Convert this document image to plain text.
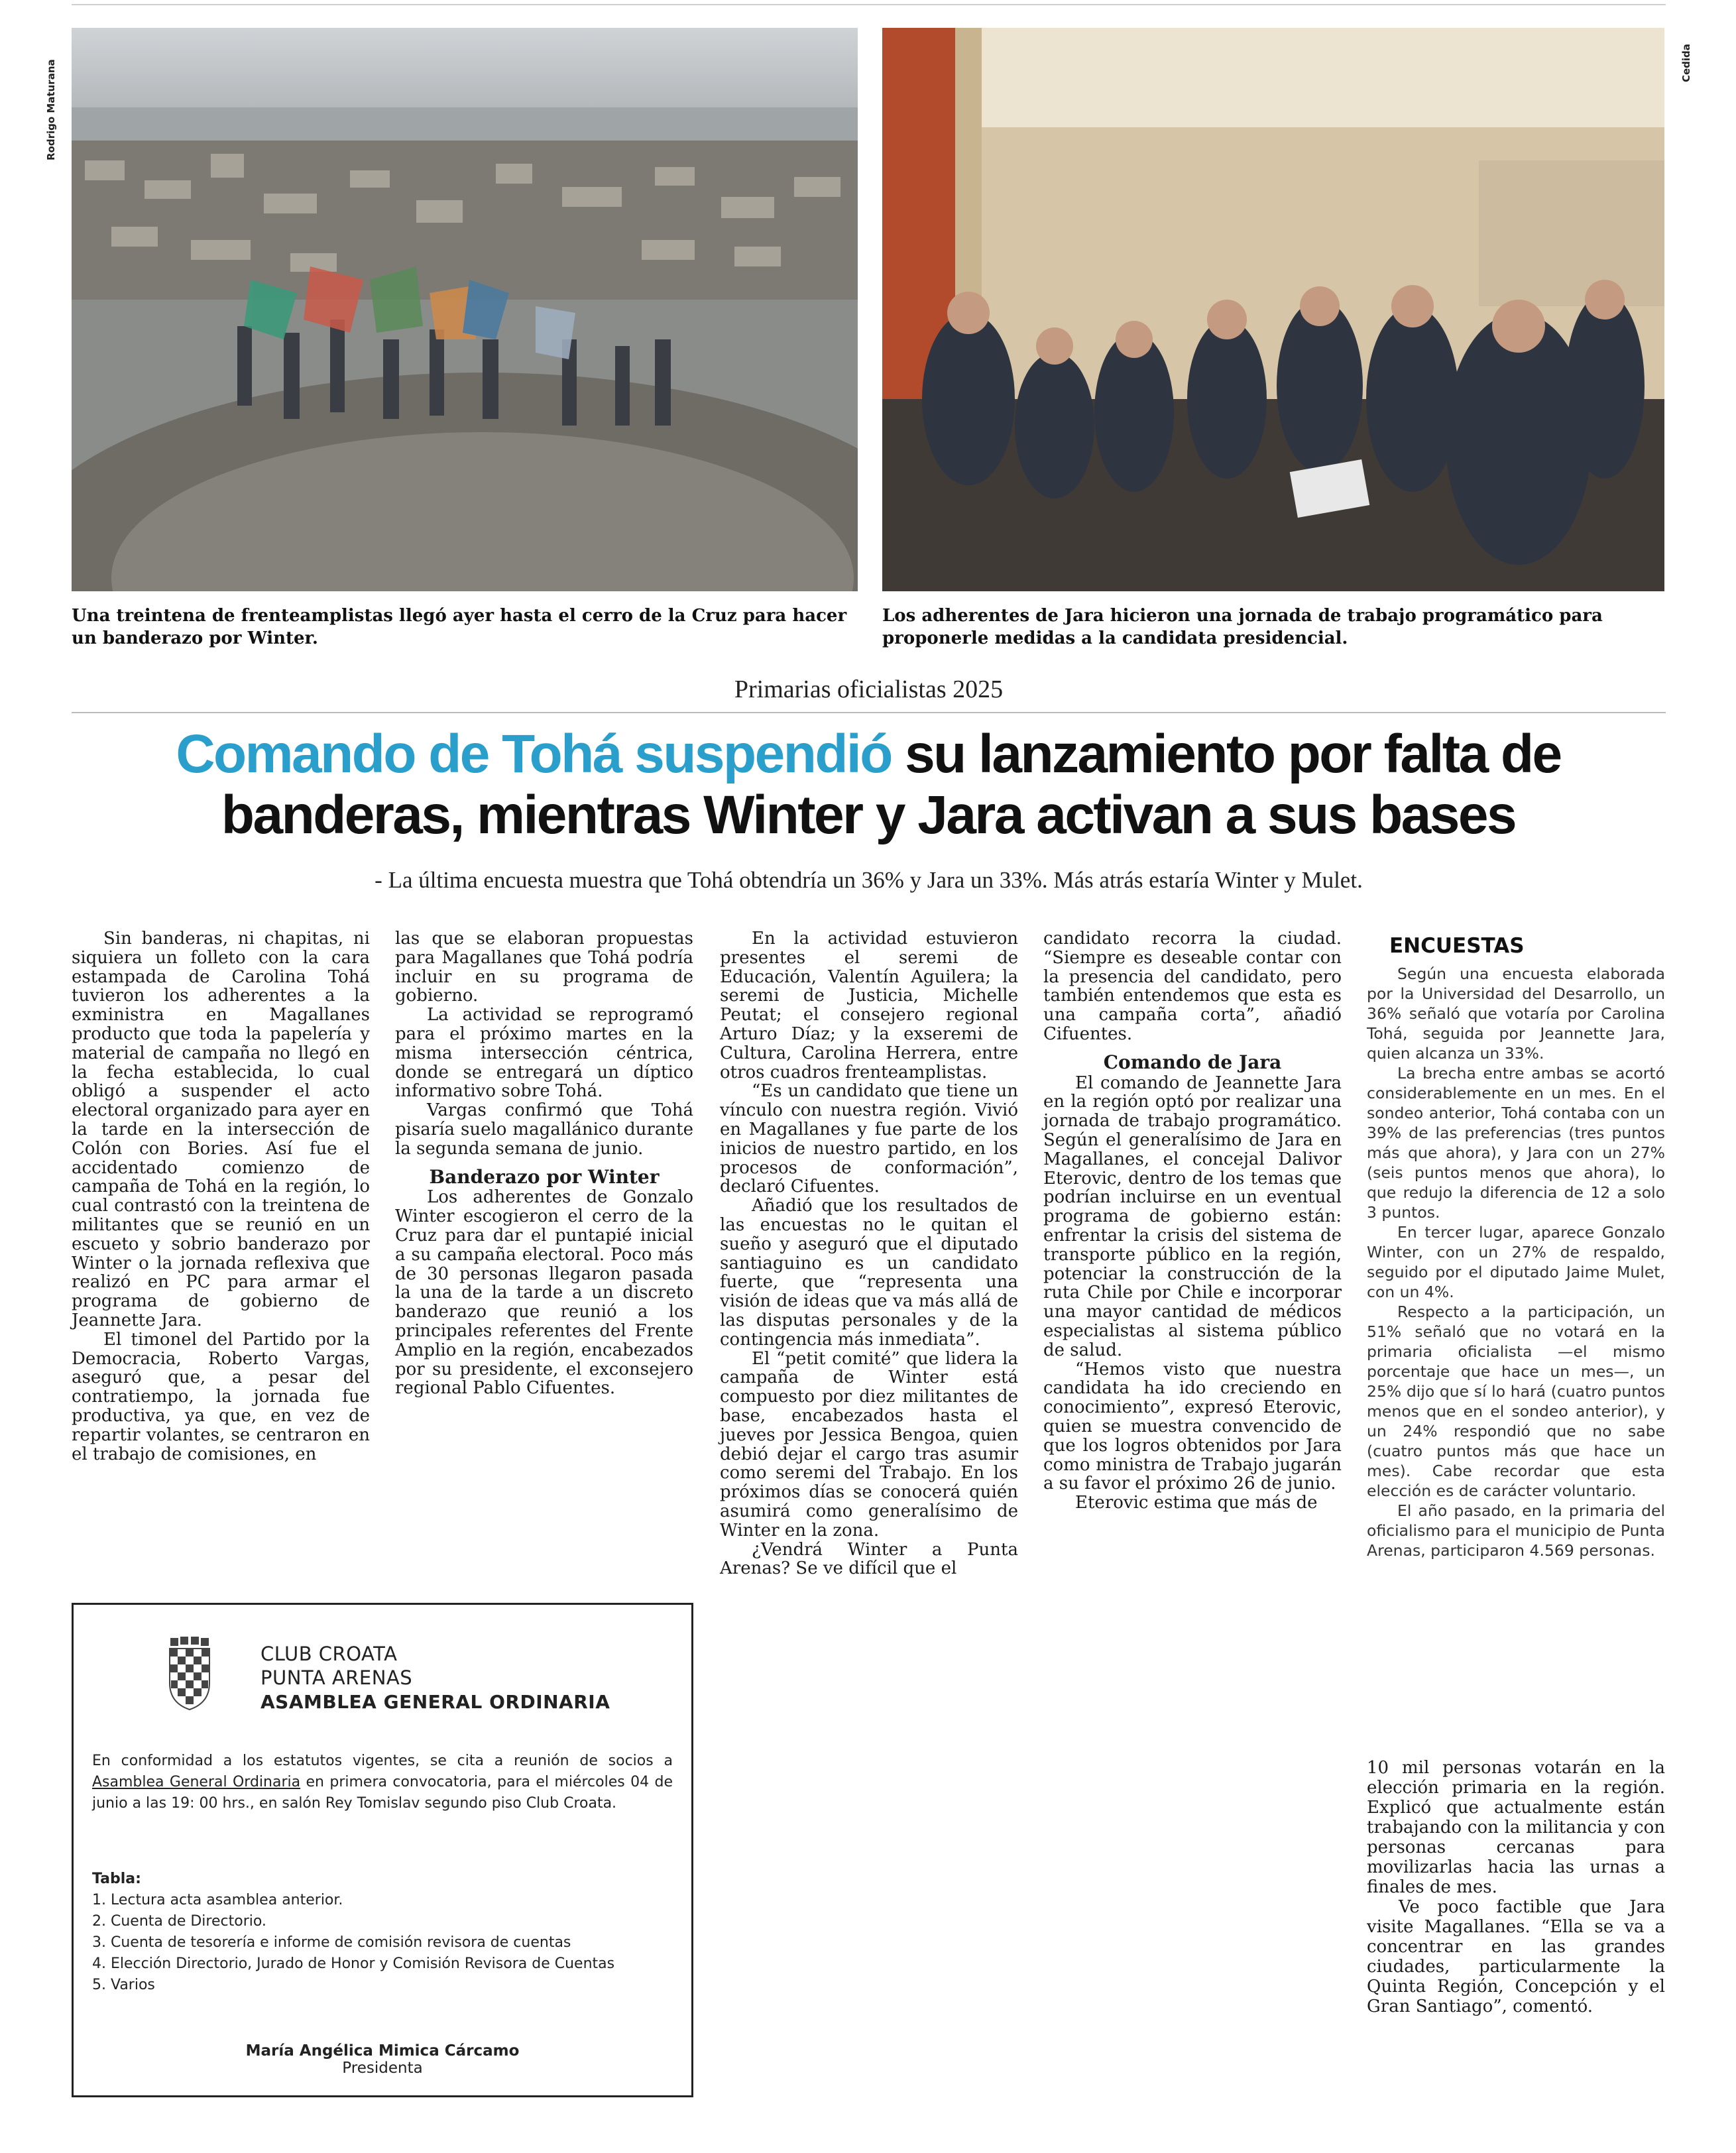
Rodrigo Maturana	Cedida
Una treintena de frenteamplistas llegó ayer hasta el cerro de la Cruz para hacer un banderazo por Winter.
Los adherentes de Jara hicieron una jornada de trabajo programático para proponerle medidas a la candidata presidencial.
Primarias oficialistas 2025
Comando de Tohá suspendió su lanzamiento por falta de banderas, mientras Winter y Jara activan a sus bases
- La última encuesta muestra que Tohá obtendría un 36% y Jara un 33%. Más atrás estaría Winter y Mulet.

Sin banderas, ni chapitas, ni siquiera un folleto con la cara estampada de Carolina Tohá tuvieron los adherentes a la exministra en Magallanes producto que toda la papelería y material de campaña no llegó en la fecha establecida, lo cual obligó a suspender el acto electoral organizado para ayer en la tarde en la intersección de Colón con Bories. Así fue el accidentado comienzo de campaña de Tohá en la región, lo cual contrastó con la treintena de militantes que se reunió en un escueto y sobrio banderazo por Winter o la jornada reflexiva que realizó en PC para armar el programa de gobierno de Jeannette Jara.

El timonel del Partido por la Democracia, Roberto Vargas, aseguró que, a pesar del contratiempo, la jornada fue productiva, ya que, en vez de repartir volantes, se centraron en el trabajo de comisiones, en

las que se elaboran propuestas para Magallanes que Tohá podría incluir en su programa de gobierno.

La actividad se reprogramó para el próximo martes en la misma intersección céntrica, donde se entregará un díptico informativo sobre Tohá.

Vargas confirmó que Tohá pisaría suelo magallánico durante la segunda semana de junio.

Banderazo por Winter

Los adherentes de Gonzalo Winter escogieron el cerro de la Cruz para dar el puntapié inicial a su campaña electoral. Poco más de 30 personas llegaron pasada la una de la tarde a un discreto banderazo que reunió a los principales referentes del Frente Amplio en la región, encabezados por su presidente, el exconsejero regional Pablo Cifuentes.

En la actividad estuvieron presentes el seremi de Educación, Valentín Aguilera; la seremi de Justicia, Michelle Peutat; el consejero regional Arturo Díaz; y la exseremi de Cultura, Carolina Herrera, entre otros cuadros frenteamplistas.

“Es un candidato que tiene un vínculo con nuestra región. Vivió en Magallanes y fue parte de los inicios de nuestro partido, en los procesos de conformación”, declaró Cifuentes.

Añadió que los resultados de las encuestas no le quitan el sueño y aseguró que el diputado santiaguino es un candidato fuerte, que “representa una visión de ideas que va más allá de las disputas personales y de la contingencia más inmediata”.

El “petit comité” que lidera la campaña de Winter está compuesto por diez militantes de base, encabezados hasta el jueves por Jessica Bengoa, quien debió dejar el cargo tras asumir como seremi del Trabajo. En los próximos días se conocerá quién asumirá como generalísimo de Winter en la zona.

¿Vendrá Winter a Punta Arenas? Se ve difícil que el

candidato recorra la ciudad. “Siempre es deseable contar con la presencia del candidato, pero también entendemos que esta es una campaña corta”, añadió Cifuentes.

Comando de Jara

El comando de Jeannette Jara en la región optó por realizar una jornada de trabajo programático. Según el generalísimo de Jara en Magallanes, el concejal Dalivor Eterovic, dentro de los temas que podrían incluirse en un eventual programa de gobierno están: enfrentar la crisis del sistema de transporte público en la región, potenciar la construcción de la ruta Chile por Chile e incorporar una mayor cantidad de médicos especialistas al sistema público de salud.

“Hemos visto que nuestra candidata ha ido creciendo en conocimiento”, expresó Eterovic, quien se muestra convencido de que los logros obtenidos por Jara como ministra de Trabajo jugarán a su favor el próximo 26 de junio.

Eterovic estima que más de

ENCUESTAS

Según una encuesta elaborada por la Universidad del Desarrollo, un 36% señaló que votaría por Carolina Tohá, seguida por Jeannette Jara, quien alcanza un 33%.

La brecha entre ambas se acortó considerablemente en un mes. En el sondeo anterior, Tohá contaba con un 39% de las preferencias (tres puntos más que ahora), y Jara con un 27% (seis puntos menos que ahora), lo que redujo la diferencia de 12 a solo 3 puntos.

En tercer lugar, aparece Gonzalo Winter, con un 27% de respaldo, seguido por el diputado Jaime Mulet, con un 4%.

Respecto a la participación, un 51% señaló que no votará en la primaria oficialista —el mismo porcentaje que hace un mes—, un 25% dijo que sí lo hará (cuatro puntos menos que en el sondeo anterior), y un 24% respondió que no sabe (cuatro puntos más que hace un mes). Cabe recordar que esta elección es de carácter voluntario.

El año pasado, en la primaria del oficialismo para el municipio de Punta Arenas, participaron 4.569 personas.

10 mil personas votarán en la elección primaria en la región. Explicó que actualmente están trabajando con la militancia y con personas cercanas para movilizarlas hacia las urnas a finales de mes.

Ve poco factible que Jara visite Magallanes. “Ella se va a concentrar en las grandes ciudades, particularmente la Quinta Región, Concepción y el Gran Santiago”, comentó.

CLUB CROATA
PUNTA ARENAS
ASAMBLEA GENERAL ORDINARIA
En conformidad a los estatutos vigentes, se cita a reunión de socios a Asamblea General Ordinaria en primera convocatoria, para el miércoles 04 de junio a las 19: 00 hrs., en salón Rey Tomislav segundo piso Club Croata.
Tabla:
1. Lectura acta asamblea anterior.
2. Cuenta de Directorio.
3. Cuenta de tesorería e informe de comisión revisora de cuentas
4. Elección Directorio, Jurado de Honor y Comisión Revisora de Cuentas
5. Varios
María Angélica Mimica Cárcamo
Presidenta
